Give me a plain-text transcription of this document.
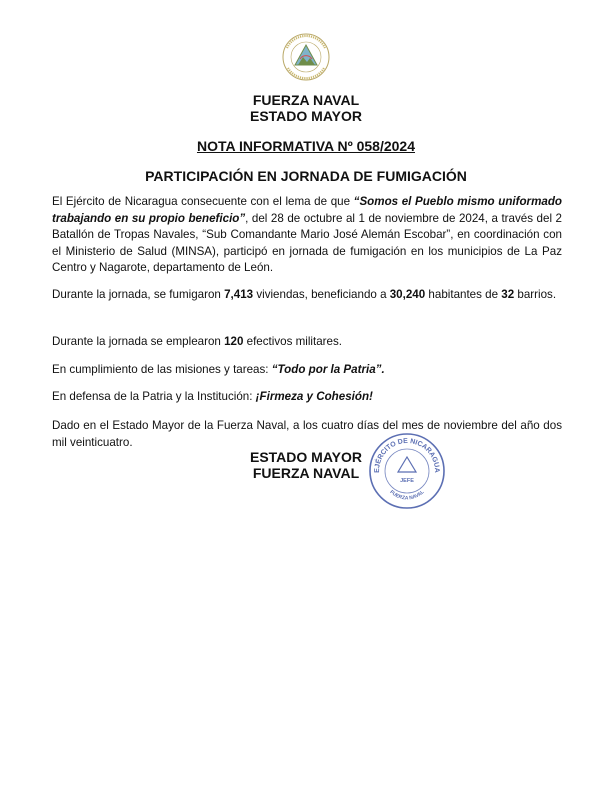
FUERZA NAVAL
ESTADO MAYOR
NOTA INFORMATIVA Nº 058/2024
PARTICIPACIÓN EN JORNADA DE FUMIGACIÓN

El Ejército de Nicaragua consecuente con el lema de que “Somos el Pueblo mismo uniformado trabajando en su propio beneficio”, del 28 de octubre al 1 de noviembre de 2024, a través del 2 Batallón de Tropas Navales, “Sub Comandante Mario José Alemán Escobar”, en coordinación con el Ministerio de Salud (MINSA), participó en jornada de fumigación en los municipios de La Paz Centro y Nagarote, departamento de León.

Durante la jornada, se fumigaron 7,413 viviendas, beneficiando a 30,240 habitantes de 32 barrios.

Durante la jornada se emplearon 120 efectivos militares.

En cumplimiento de las misiones y tareas: “Todo por la Patria”.

En defensa de la Patria y la Institución: ¡Firmeza y Cohesión!

Dado en el Estado Mayor de la Fuerza Naval, a los cuatro días del mes de noviembre del año dos mil veinticuatro.

ESTADO MAYOR
FUERZA NAVAL	EJÉRCITO DE NICARAGUA
JEFE
FUERZA NAVAL
